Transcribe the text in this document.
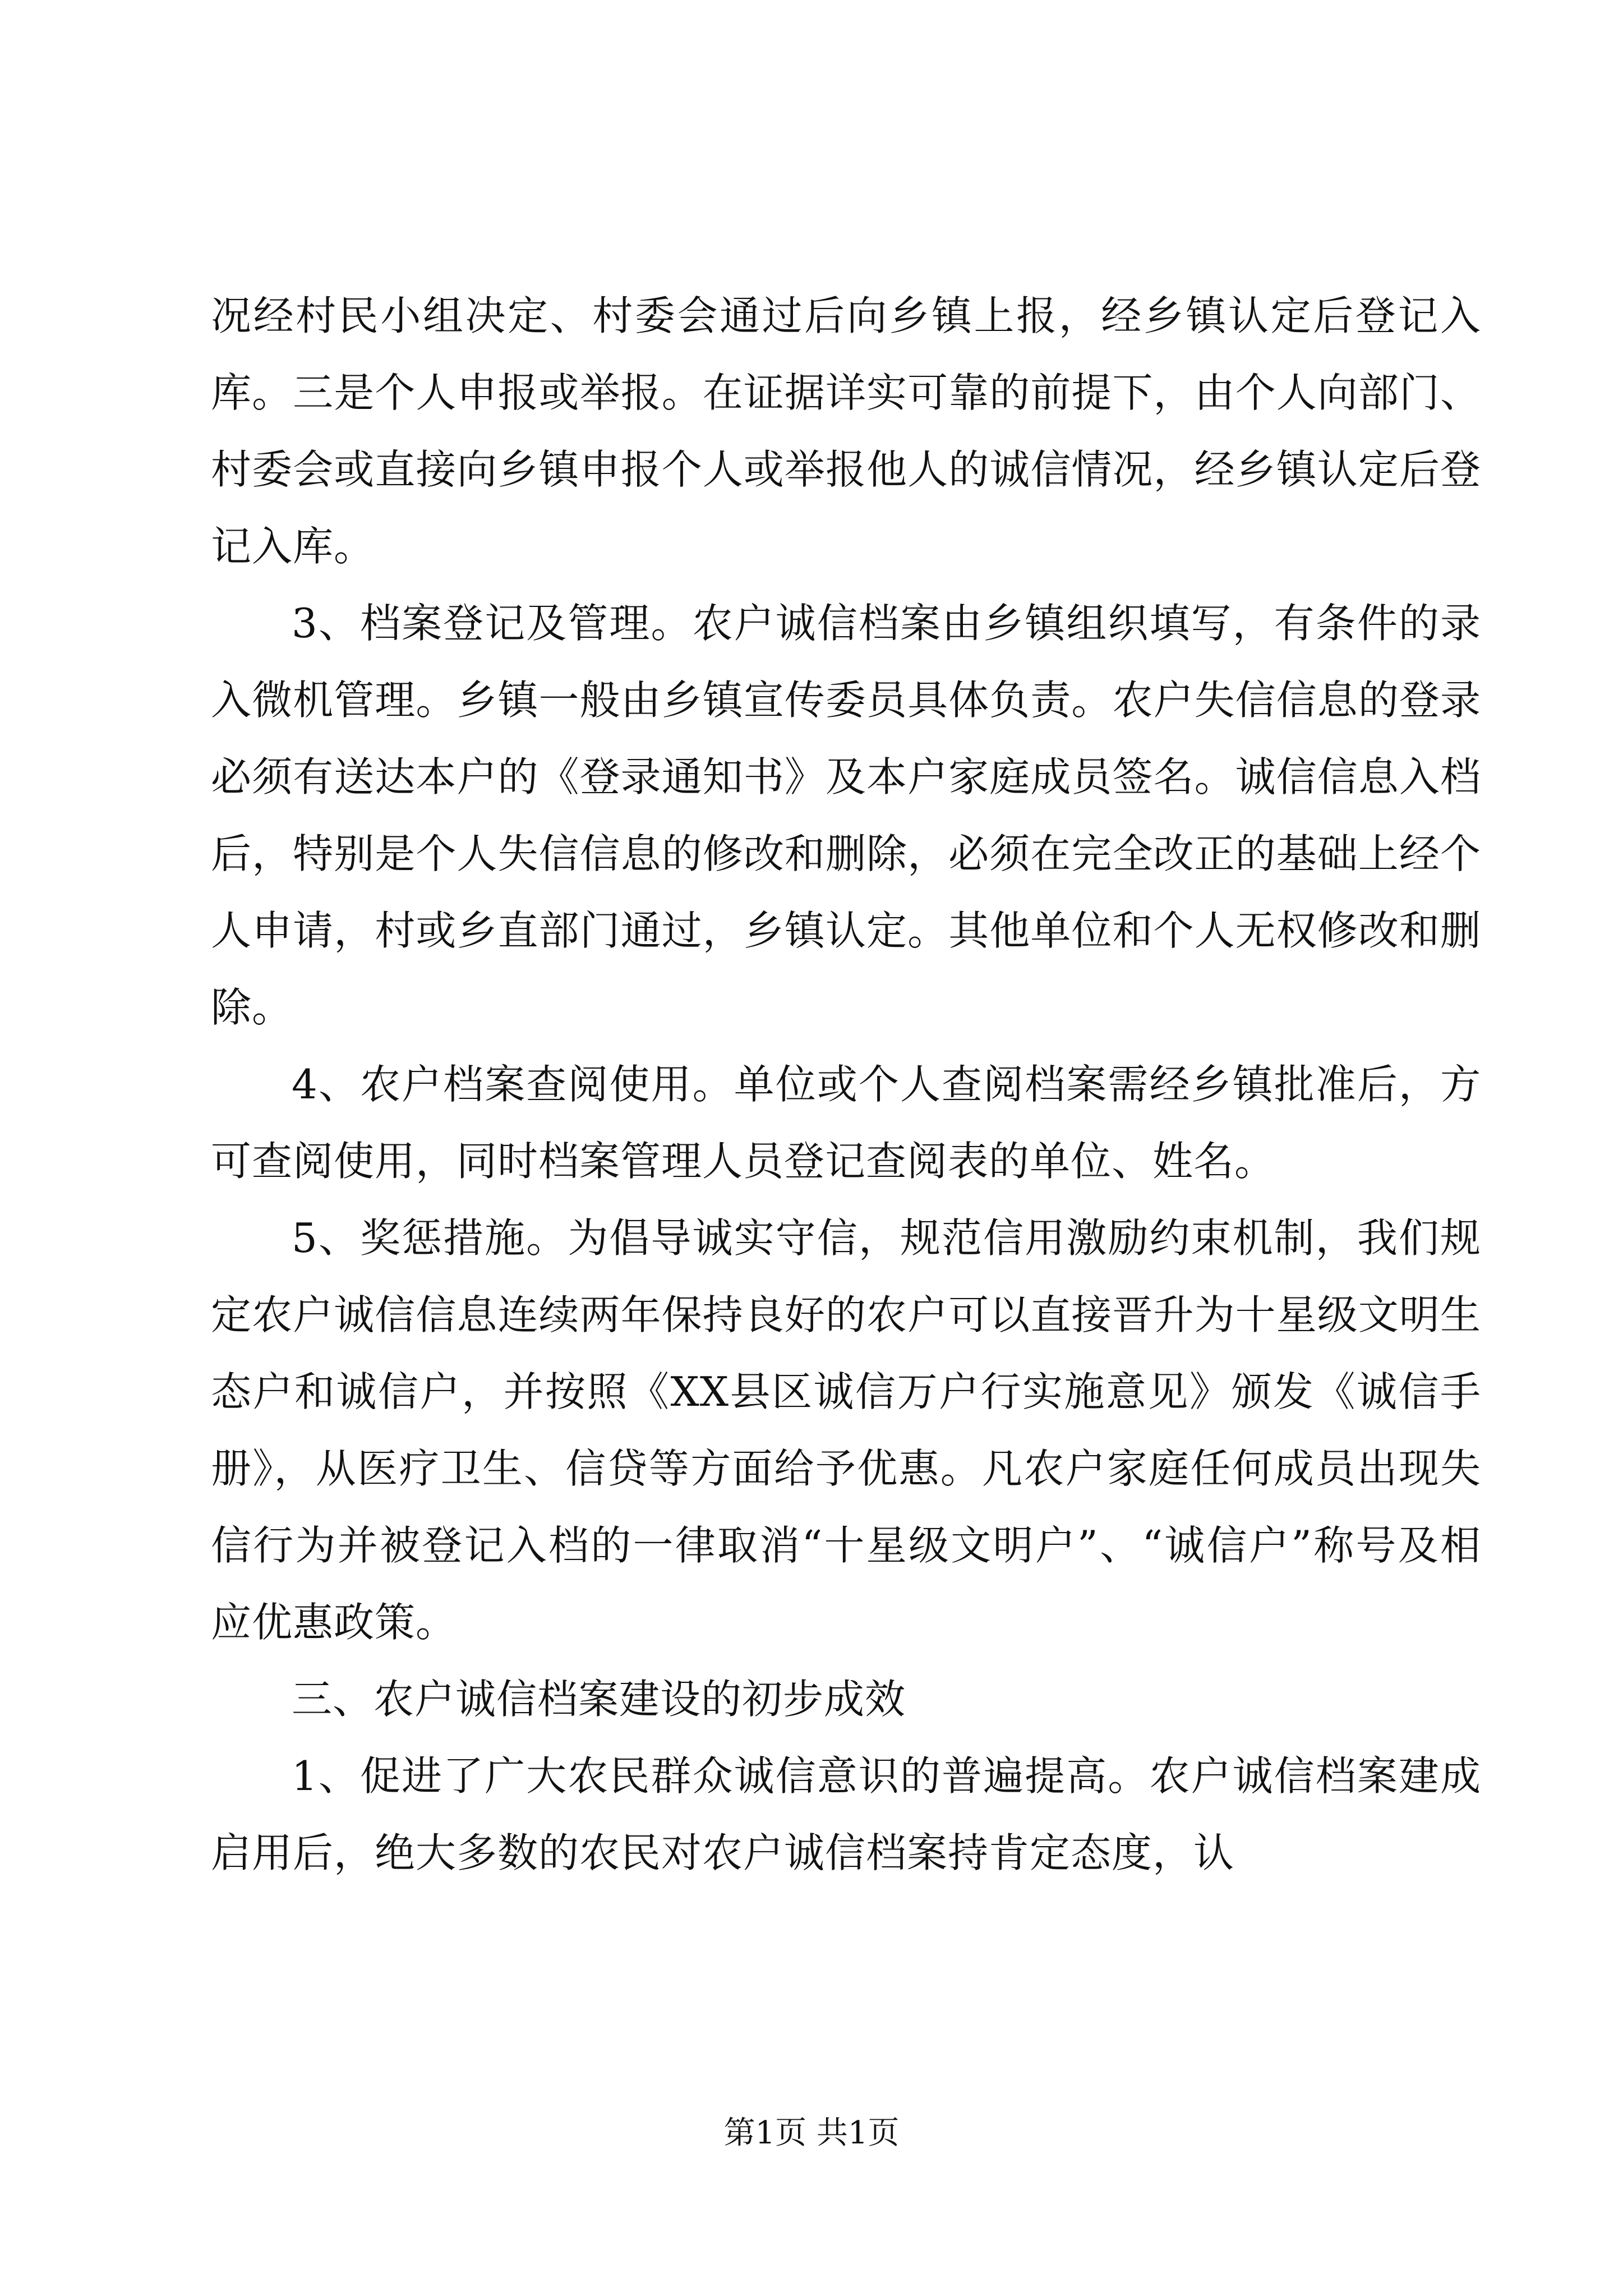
况经村民小组决定、村委会通过后向乡镇上报，经乡镇认定后登记入库。三是个人申报或举报。在证据详实可靠的前提下，由个人向部门、村委会或直接向乡镇申报个人或举报他人的诚信情况，经乡镇认定后登记入库。

3、档案登记及管理。农户诚信档案由乡镇组织填写，有条件的录入微机管理。乡镇一般由乡镇宣传委员具体负责。农户失信信息的登录必须有送达本户的《登录通知书》及本户家庭成员签名。诚信信息入档后，特别是个人失信信息的修改和删除，必须在完全改正的基础上经个人申请，村或乡直部门通过，乡镇认定。其他单位和个人无权修改和删除。

4、农户档案查阅使用。单位或个人查阅档案需经乡镇批准后，方可查阅使用，同时档案管理人员登记查阅表的单位、姓名。

5、奖惩措施。为倡导诚实守信，规范信用激励约束机制，我们规定农户诚信信息连续两年保持良好的农户可以直接晋升为十星级文明生态户和诚信户，并按照《XX县区诚信万户行实施意见》颁发《诚信手册》，从医疗卫生、信贷等方面给予优惠。凡农户家庭任何成员出现失信行为并被登记入档的一律取消“十星级文明户”、“诚信户”称号及相应优惠政策。

三、农户诚信档案建设的初步成效

1、促进了广大农民群众诚信意识的普遍提高。农户诚信档案建成启用后，绝大多数的农民对农户诚信档案持肯定态度，认

第1页 共1页
